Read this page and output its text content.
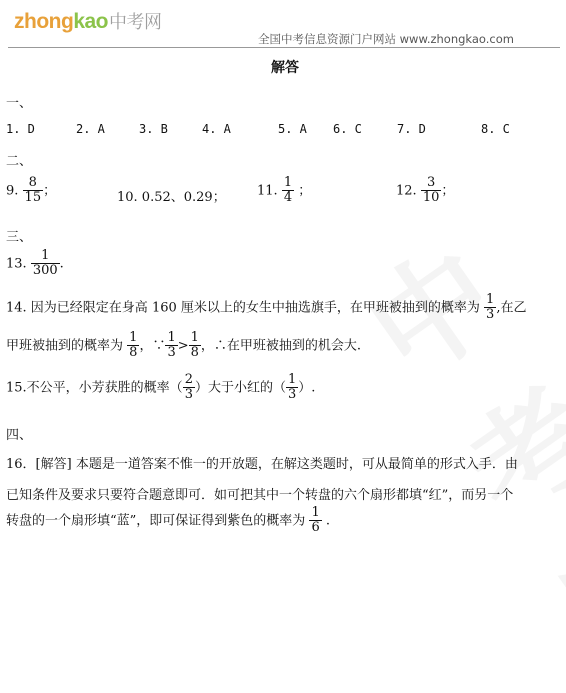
zhongkao中考网
全国中考信息资源门户网站 www.zhongkao.com
解答
一、
1. D	2. A	3. B	4. A	5. A 6. C	7. D	8. C
二、
9. $\frac{8}{15}$ ；	10. 0.52、0.29； 11. $\frac{1}{4}$ ；	12. $\frac{3}{10}$ ；
三、
13. $\frac{1}{300}$ .
14. 因为已经限定在身高 160 厘米以上的女生中抽选旗手，在甲班被抽到的概率为 $\frac{1}{3}$ ,在乙
甲班被抽到的概率为 $\frac{1}{8}$ ，∵ $\frac{1}{3} > \frac{1}{8}$ ，∴在甲班被抽到的机会大.
15.不公平，小芳获胜的概率（ $\frac{2}{3}$ ）大于小红的（ $\frac{1}{3}$ ）.
四、
16．[解答] 本题是一道答案不惟一的开放题，在解这类题时，可从最简单的形式入手．由
已知条件及要求只要符合题意即可．如可把其中一个转盘的六个扇形都填“红”，而另一个
转盘的一个扇形填“蓝”，即可保证得到紫色的概率为 $\frac{1}{6}$ .
